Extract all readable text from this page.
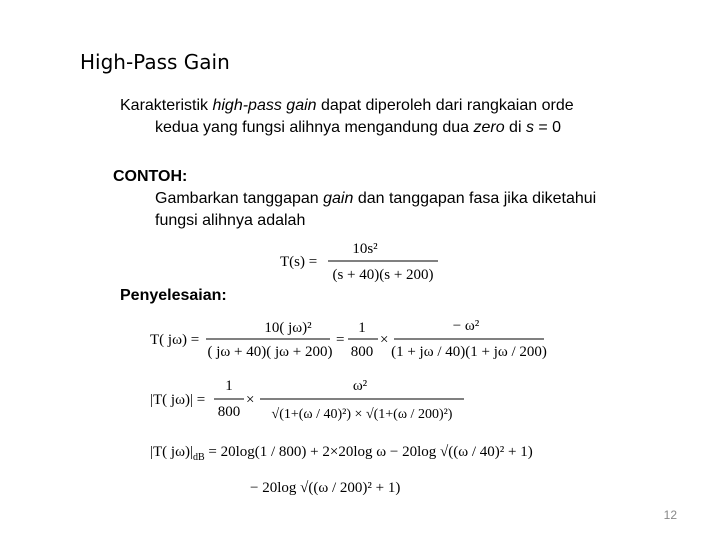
High-Pass Gain
Karakteristik high-pass gain dapat diperoleh dari rangkaian orde
kedua yang fungsi alihnya mengandung dua zero di s = 0
CONTOH:
Gambarkan tanggapan gain dan tanggapan fasa jika diketahui
fungsi alihnya adalah
T(s) =
10s²
(s + 40)(s + 200)
Penyelesaian:
T( jω) =
10( jω)²
( jω + 40)( jω + 200)
=
1
800
×
− ω²
(1 + jω / 40)(1 + jω / 200)
|T( jω)| =
1
800
×
ω²
√(1+(ω / 40)²) × √(1+(ω / 200)²)
|T( $j\omega)|_{dB} = 20\log(1 / 800) + 2\times 20\log$ ω − 20log √((ω / 40)² + 1)
− 20log √((ω / 200)² + 1)
12
